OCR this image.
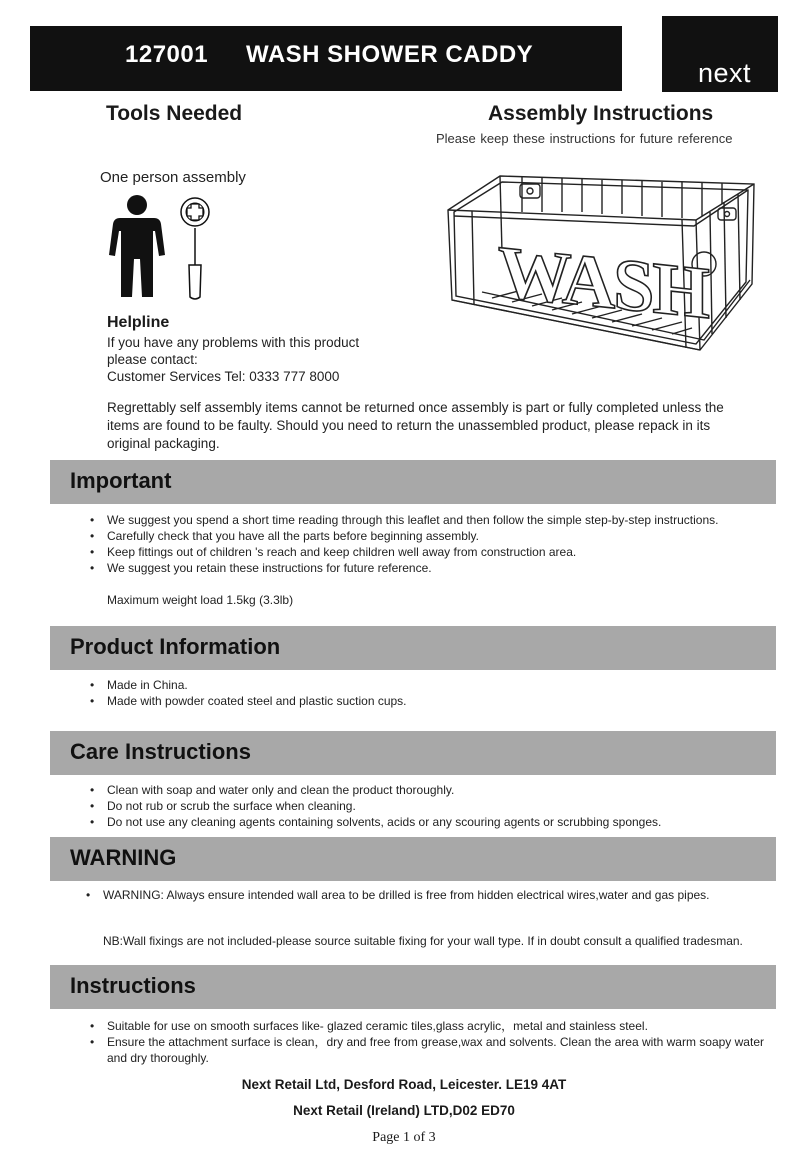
127001 WASH SHOWER CADDY
next
Tools Needed	Assembly Instructions
Please keep these instructions for future reference
One person assembly
WASH
Helpline
If you have any problems with this product
please contact:
Customer Services Tel: 0333 777 8000
Regrettably self assembly items cannot be returned once assembly is part or fully completed unless the items are found to be faulty. Should you need to return the unassembled product, please repack in its original packaging.
Important
• We suggest you spend a short time reading through this leaflet and then follow the simple step-by-step instructions.
• Carefully check that you have all the parts before beginning assembly.
• Keep fittings out of children 's reach and keep children well away from construction area.
• We suggest you retain these instructions for future reference.
Maximum weight load 1.5kg (3.3lb)
Product Information
• Made in China.
• Made with powder coated steel and plastic suction cups.
Care Instructions
• Clean with soap and water only and clean the product thoroughly.
• Do not rub or scrub the surface when cleaning.
• Do not use any cleaning agents containing solvents, acids or any scouring agents or scrubbing sponges.
WARNING
• WARNING: Always ensure intended wall area to be drilled is free from hidden electrical wires,water and gas pipes.
NB:Wall fixings are not included-please source suitable fixing for your wall type. If in doubt consult a qualified tradesman.
Instructions
• Suitable for use on smooth surfaces like- glazed ceramic tiles,glass acrylic，metal and stainless steel.
• Ensure the attachment surface is clean，dry and free from grease,wax and solvents. Clean the area with warm soapy water and dry thoroughly.
Next Retail Ltd, Desford Road, Leicester. LE19 4AT
Next Retail (Ireland) LTD,D02 ED70
Page 1 of 3
